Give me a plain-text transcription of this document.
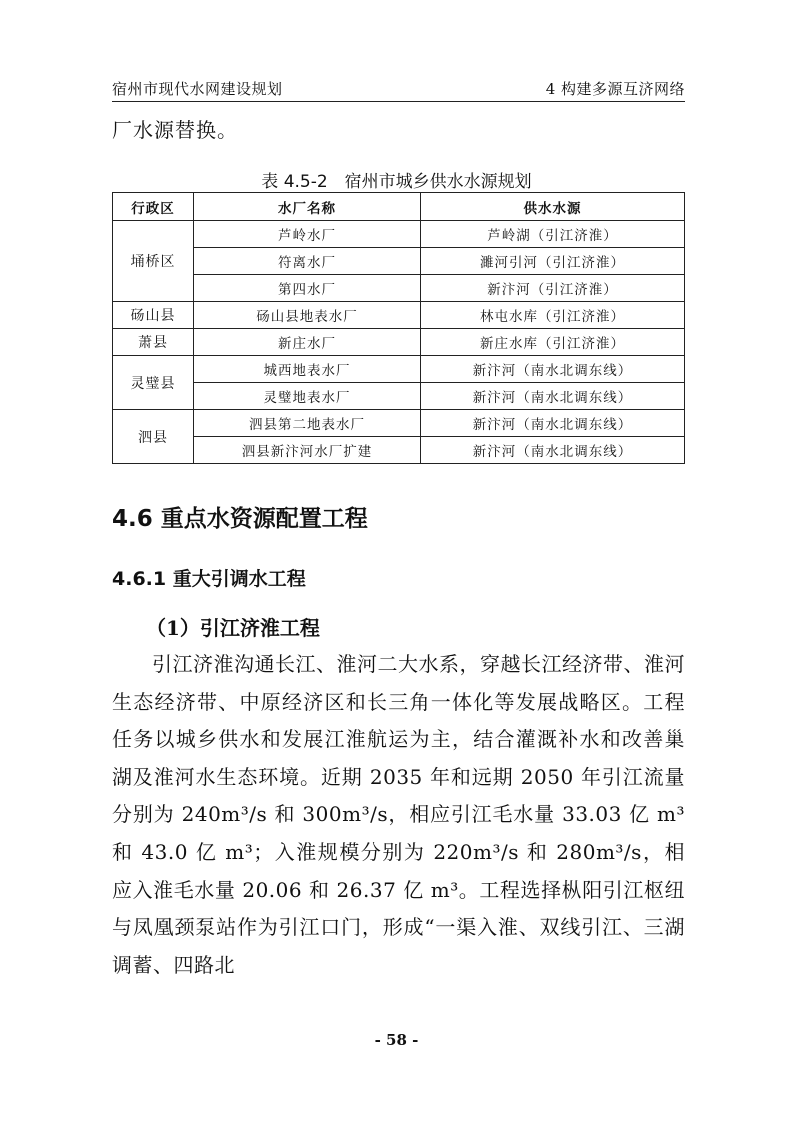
宿州市现代水网建设规划	4 构建多源互济网络
厂水源替换。
表 4.5-2　宿州市城乡供水水源规划
行政区	水厂名称	供水水源
埇桥区	芦岭水厂	芦岭湖（引江济淮）
	符离水厂	濉河引河（引江济淮）
	第四水厂	新汴河（引江济淮）
砀山县	砀山县地表水厂	林屯水库（引江济淮）
萧县	新庄水厂	新庄水库（引江济淮）
灵璧县	城西地表水厂	新汴河（南水北调东线）
	灵璧地表水厂	新汴河（南水北调东线）
泗县	泗县第二地表水厂	新汴河（南水北调东线）
	泗县新汴河水厂扩建	新汴河（南水北调东线）
4.6 重点水资源配置工程
4.6.1 重大引调水工程
（1）引江济淮工程

引江济淮沟通长江、淮河二大水系，穿越长江经济带、淮河生态经济带、中原经济区和长三角一体化等发展战略区。工程任务以城乡供水和发展江淮航运为主，结合灌溉补水和改善巢湖及淮河水生态环境。近期 2035 年和远期 2050 年引江流量分别为 240m³/s 和 300m³/s，相应引江毛水量 33.03 亿 m³和 43.0 亿 m³；入淮规模分别为 220m³/s 和 280m³/s，相应入淮毛水量 20.06 和 26.37 亿 m³。工程选择枞阳引江枢纽与凤凰颈泵站作为引江口门，形成“一渠入淮、双线引江、三湖调蓄、四路北

- 58 -
